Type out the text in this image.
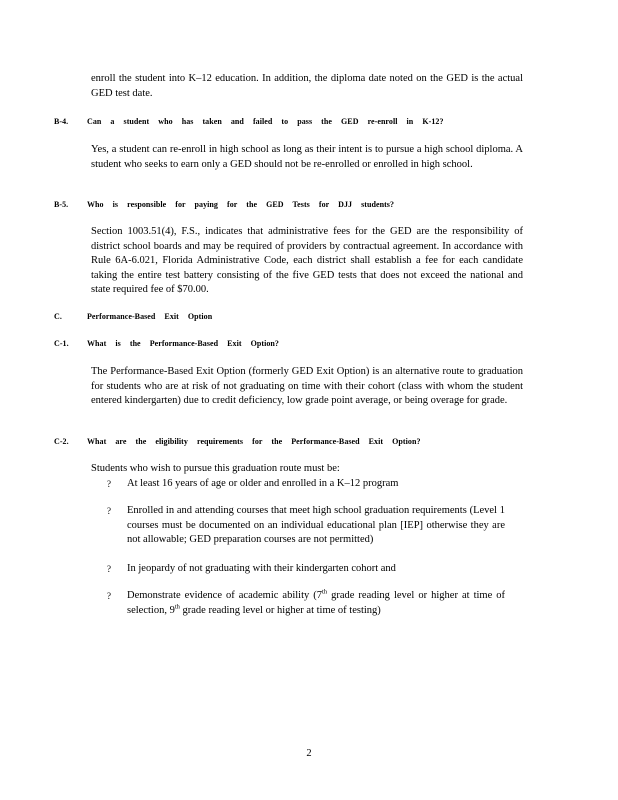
enroll the student into K–12 education. In addition, the diploma date noted on the GED is the actual GED test date.
B-4. Can a student who has taken and failed to pass the GED re-enroll in K-12?
Yes, a student can re-enroll in high school as long as their intent is to pursue a high school diploma. A student who seeks to earn only a GED should not be re-enrolled or enrolled in high school.
B-5. Who is responsible for paying for the GED Tests for DJJ students?
Section 1003.51(4), F.S., indicates that administrative fees for the GED are the responsibility of district school boards and may be required of providers by contractual agreement. In accordance with Rule 6A-6.021, Florida Administrative Code, each district shall establish a fee for each candidate taking the entire test battery consisting of the five GED tests that does not exceed the national and state required fee of $70.00.
C.	Performance-Based Exit Option
C-1. What is the Performance-Based Exit Option?
The Performance-Based Exit Option (formerly GED Exit Option) is an alternative route to graduation for students who are at risk of not graduating on time with their cohort (class with whom the student entered kindergarten) due to credit deficiency, low grade point average, or being overage for grade.
C-2. What are the eligibility requirements for the Performance-Based Exit Option?
Students who wish to pursue this graduation route must be:
?	At least 16 years of age or older and enrolled in a K–12 program
?	Enrolled in and attending courses that meet high school graduation requirements (Level 1 courses must be documented on an individual educational plan [IEP] otherwise they are not allowable; GED preparation courses are not permitted)
?	In jeopardy of not graduating with their kindergarten cohort and
?	Demonstrate evidence of academic ability (7th grade reading level or higher at time of selection, 9th grade reading level or higher at time of testing)
2
